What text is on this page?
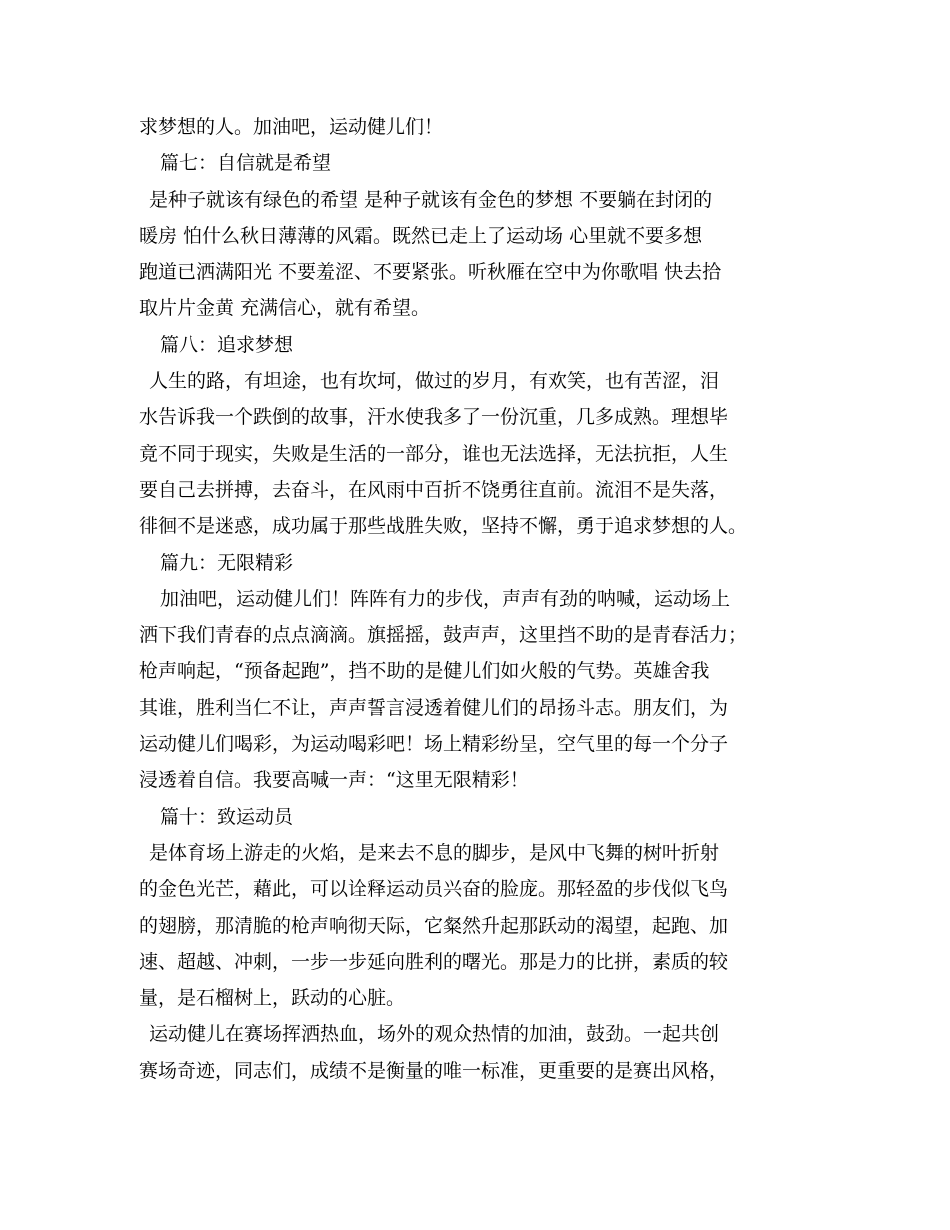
求梦想的人。加油吧，运动健儿们！
篇七：自信就是希望
是种子就该有绿色的希望 是种子就该有金色的梦想 不要躺在封闭的
暖房 怕什么秋日薄薄的风霜。既然已走上了运动场 心里就不要多想
跑道已洒满阳光 不要羞涩、不要紧张。听秋雁在空中为你歌唱 快去拾
取片片金黄 充满信心，就有希望。
篇八：追求梦想
人生的路，有坦途，也有坎坷，做过的岁月，有欢笑，也有苦涩，泪
水告诉我一个跌倒的故事，汗水使我多了一份沉重，几多成熟。理想毕
竟不同于现实，失败是生活的一部分，谁也无法选择，无法抗拒，人生
要自己去拼搏，去奋斗，在风雨中百折不饶勇往直前。流泪不是失落，
徘徊不是迷惑，成功属于那些战胜失败，坚持不懈，勇于追求梦想的人。
篇九：无限精彩
加油吧，运动健儿们！阵阵有力的步伐，声声有劲的呐喊，运动场上
洒下我们青春的点点滴滴。旗摇摇，鼓声声，这里挡不助的是青春活力；
枪声响起，“预备起跑”，挡不助的是健儿们如火般的气势。英雄舍我
其谁，胜利当仁不让，声声誓言浸透着健儿们的昂扬斗志。朋友们，为
运动健儿们喝彩，为运动喝彩吧！场上精彩纷呈，空气里的每一个分子
浸透着自信。我要高喊一声：“这里无限精彩！
篇十：致运动员
是体育场上游走的火焰，是来去不息的脚步，是风中飞舞的树叶折射
的金色光芒，藉此，可以诠释运动员兴奋的脸庞。那轻盈的步伐似飞鸟
的翅膀，那清脆的枪声响彻天际，它粲然升起那跃动的渴望，起跑、加
速、超越、冲刺，一步一步延向胜利的曙光。那是力的比拼，素质的较
量，是石榴树上，跃动的心脏。
运动健儿在赛场挥洒热血，场外的观众热情的加油，鼓劲。一起共创
赛场奇迹，同志们，成绩不是衡量的唯一标准，更重要的是赛出风格，
